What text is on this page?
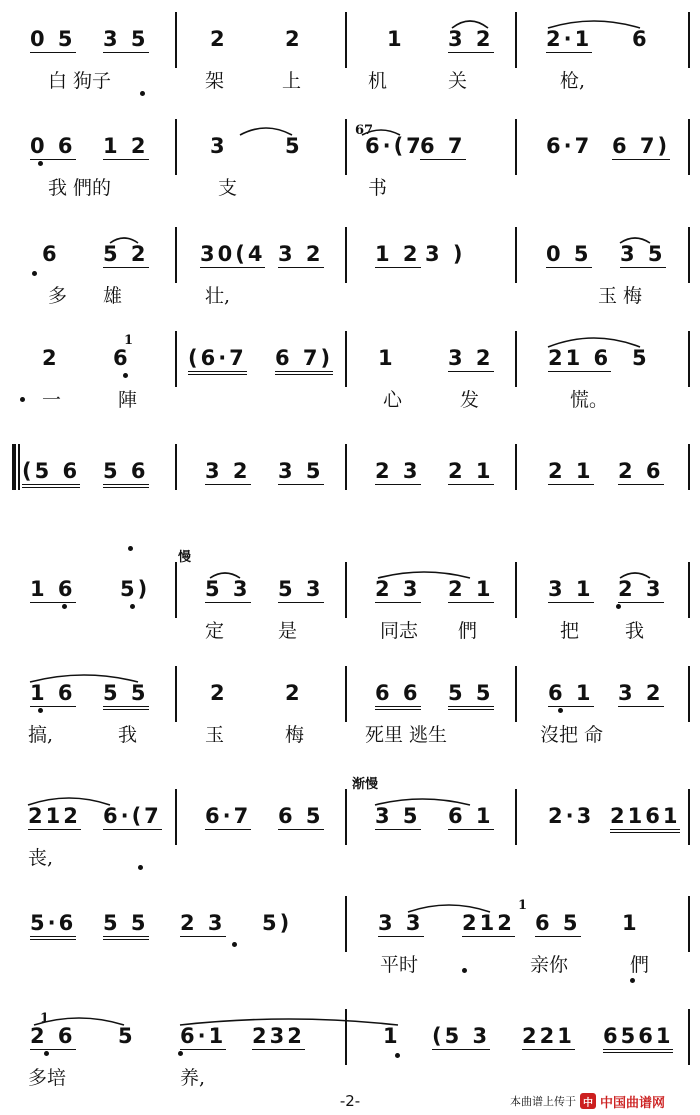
0 5 3 5	2	2	1 3 2 2·1 6
白 狗子	架	上	机	关	枪,
0 6 1 2	3	5	6·(7
6 7	6·7 6 7)
我 們的	支	书
67
6 5 2 30(4 3 2 1 2 3 )	0 5 3 5
多 雄	壮,	玉 梅
2	6	(6·7 6 7) 1 3 2	21 6 5
一	陣	心	发	慌。
1
(5 6 5 6	3 2 3 5 2 3 2 1	2 1 2 6
1 6 5)	5 3 5 3 2 3 2 1	3 1 2 3
定	是	同志 們	把 我
慢
1 6 5 5	2	2	6 6 5 5	6 1 3 2
搞,	我	玉	梅	死里 逃生	沒把 命
212 6·(7 6·7 6 5 3 5 6 1	2·3 2161
丧,
渐慢
5·6 5 5 2 3 5)	3 3 212 6 5 1
平时	亲你	們
1
2 6 5 6·1 232	1 (5 3 221 6561
多培	养,
1
-2-	本曲谱上传于 中 中国曲谱网
